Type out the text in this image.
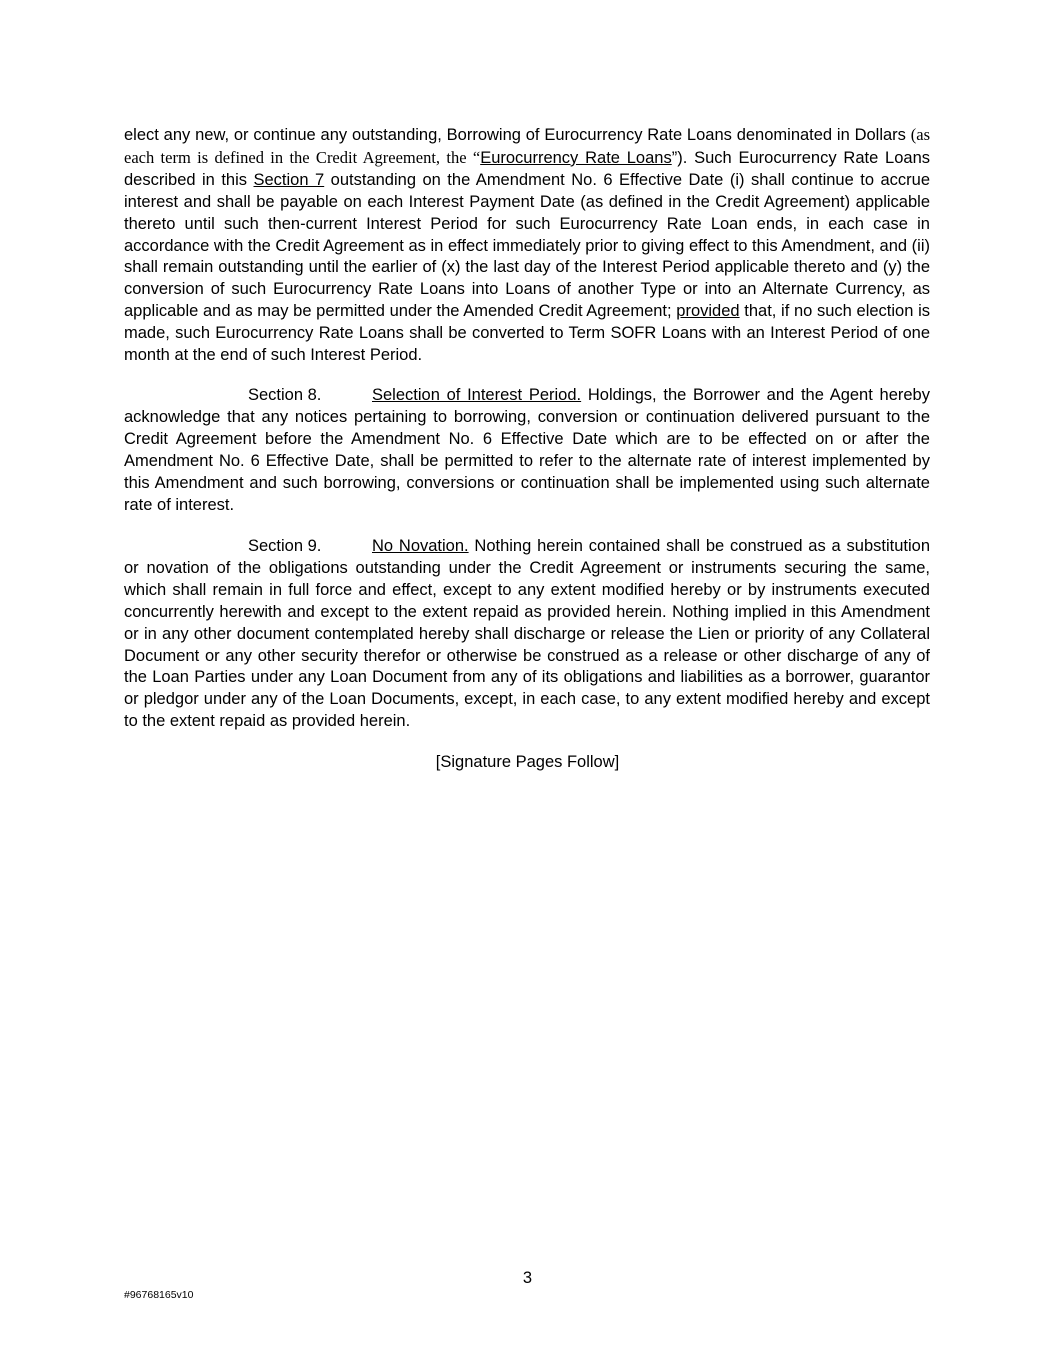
elect any new, or continue any outstanding, Borrowing of Eurocurrency Rate Loans denominated in Dollars (as each term is defined in the Credit Agreement, the “Eurocurrency Rate Loans”). Such Eurocurrency Rate Loans described in this Section 7 outstanding on the Amendment No. 6 Effective Date (i) shall continue to accrue interest and shall be payable on each Interest Payment Date (as defined in the Credit Agreement) applicable thereto until such then-current Interest Period for such Eurocurrency Rate Loan ends, in each case in accordance with the Credit Agreement as in effect immediately prior to giving effect to this Amendment, and (ii) shall remain outstanding until the earlier of (x) the last day of the Interest Period applicable thereto and (y) the conversion of such Eurocurrency Rate Loans into Loans of another Type or into an Alternate Currency, as applicable and as may be permitted under the Amended Credit Agreement; provided that, if no such election is made, such Eurocurrency Rate Loans shall be converted to Term SOFR Loans with an Interest Period of one month at the end of such Interest Period.
Section 8.	Selection of Interest Period. Holdings, the Borrower and the Agent hereby acknowledge that any notices pertaining to borrowing, conversion or continuation delivered pursuant to the Credit Agreement before the Amendment No. 6 Effective Date which are to be effected on or after the Amendment No. 6 Effective Date, shall be permitted to refer to the alternate rate of interest implemented by this Amendment and such borrowing, conversions or continuation shall be implemented using such alternate rate of interest.
Section 9.	No Novation. Nothing herein contained shall be construed as a substitution or novation of the obligations outstanding under the Credit Agreement or instruments securing the same, which shall remain in full force and effect, except to any extent modified hereby or by instruments executed concurrently herewith and except to the extent repaid as provided herein. Nothing implied in this Amendment or in any other document contemplated hereby shall discharge or release the Lien or priority of any Collateral Document or any other security therefor or otherwise be construed as a release or other discharge of any of the Loan Parties under any Loan Document from any of its obligations and liabilities as a borrower, guarantor or pledgor under any of the Loan Documents, except, in each case, to any extent modified hereby and except to the extent repaid as provided herein.
[Signature Pages Follow]
3
#96768165v10
